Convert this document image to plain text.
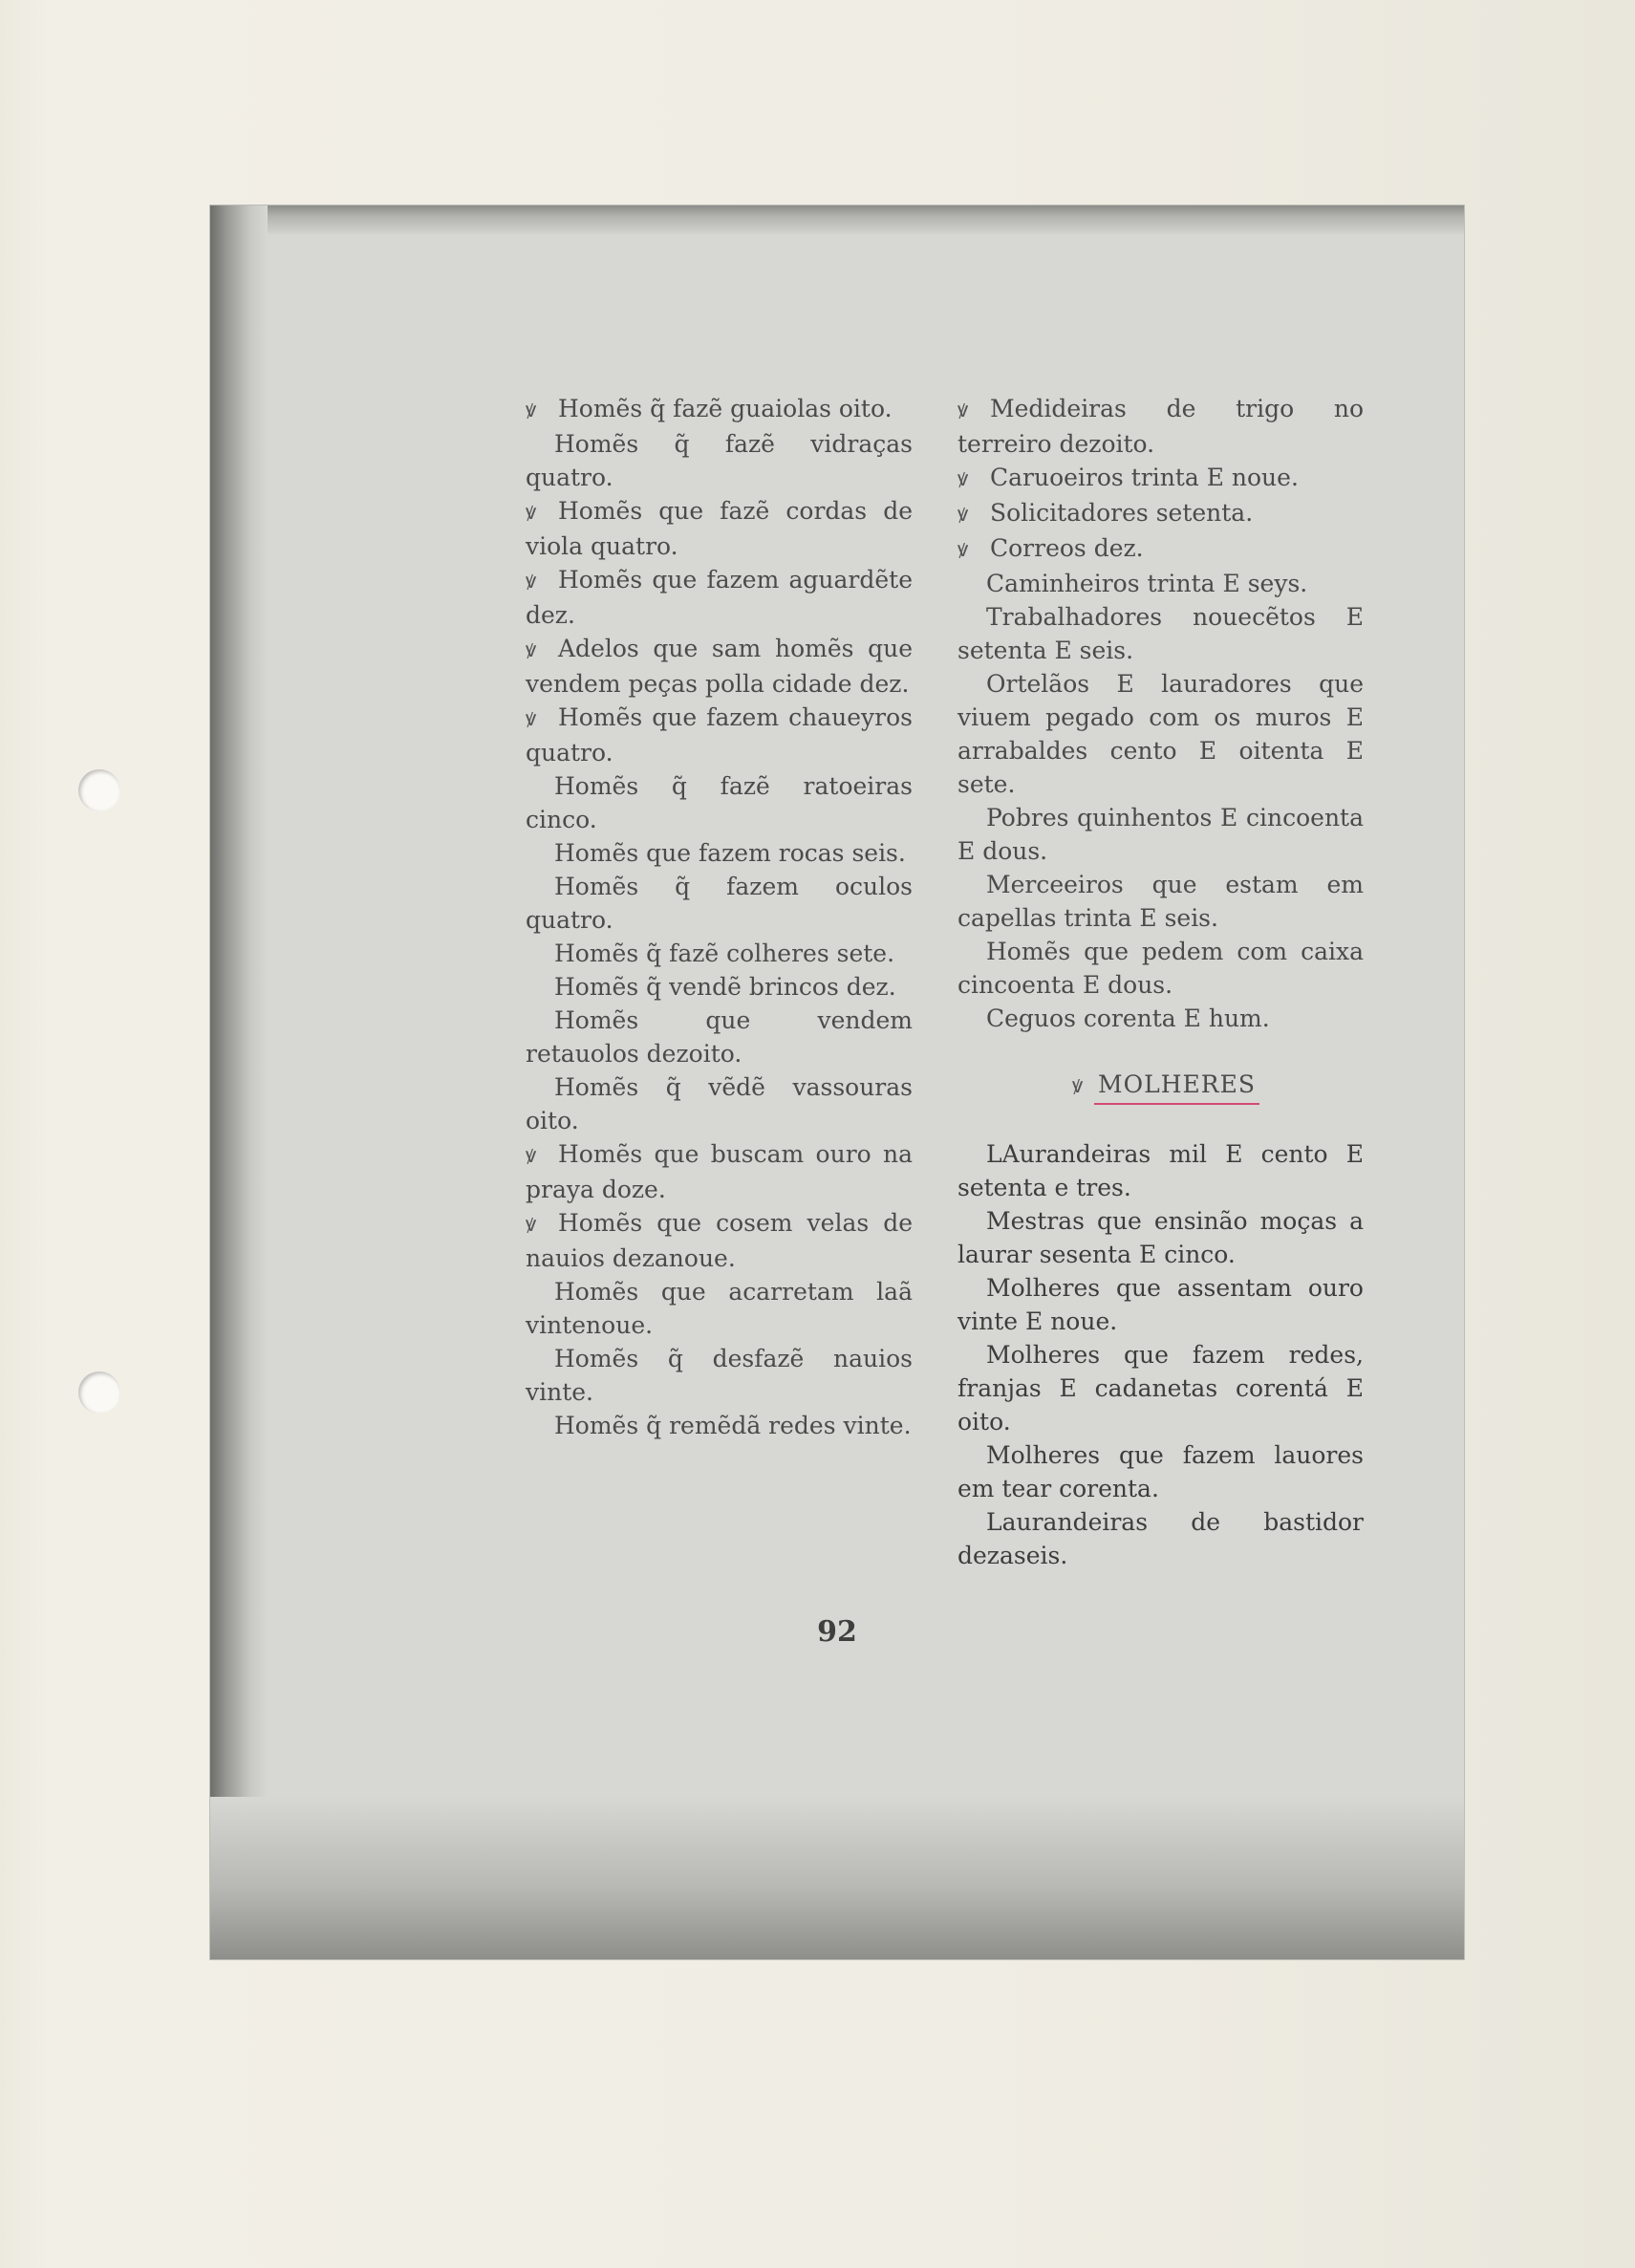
ꝟ Homẽs q̃ fazẽ guaiolas oito.
Homẽs q̃ fazẽ vidraças quatro.
ꝟ Homẽs que fazẽ cordas de viola quatro.
ꝟ Homẽs que fazem aguardẽte dez.
ꝟ Adelos que sam homẽs que vendem peças polla cidade dez.
ꝟ Homẽs que fazem chaueyros quatro.
Homẽs q̃ fazẽ ratoeiras cinco.
Homẽs que fazem rocas seis.
Homẽs q̃ fazem oculos quatro.
Homẽs q̃ fazẽ colheres sete.
Homẽs q̃ vendẽ brincos dez.
Homẽs que vendem retauolos dezoito.
Homẽs q̃ vẽdẽ vassouras oito.
ꝟ Homẽs que buscam ouro na praya doze.
ꝟ Homẽs que cosem velas de nauios dezanoue.
Homẽs que acarretam laã vintenoue.
Homẽs q̃ desfazẽ nauios vinte.
Homẽs q̃ remẽdã redes vinte.
ꝟ Medideiras de trigo no terreiro dezoito.
ꝟ Caruoeiros trinta E noue.
ꝟ Solicitadores setenta.
ꝟ Correos dez.
Caminheiros trinta E seys.
Trabalhadores nouecẽtos E setenta E seis.
Ortelãos E lauradores que viuem pegado com os muros E arrabaldes cento E oitenta E sete.
Pobres quinhentos E cincoenta E dous.
Merceeiros que estam em capellas trinta E seis.
Homẽs que pedem com caixa cincoenta E dous.
Ceguos corenta E hum.
ꝟ MOLHERES
LAurandeiras mil E cento E setenta e tres.
Mestras que ensinão moças a laurar sesenta E cinco.
Molheres que assentam ouro vinte E noue.
Molheres que fazem redes, franjas E cadanetas corentá E oito.
Molheres que fazem lauores em tear corenta.
Laurandeiras de bastidor dezaseis.
92
